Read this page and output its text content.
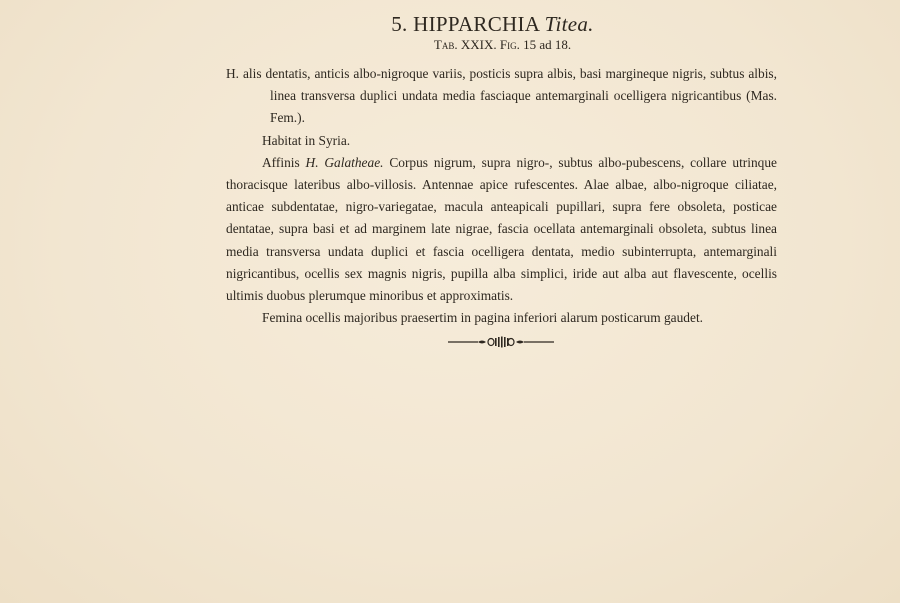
5. HIPPARCHIA Titea.
Tab. XXIX. Fig. 15 ad 18.

H. alis dentatis, anticis albo-nigroque variis, posticis supra albis, basi margineque nigris, subtus albis, linea transversa duplici undata media fasciaque antemarginali ocelligera nigricantibus (Mas. Fem.).

Habitat in Syria.

Affinis H. Galatheae. Corpus nigrum, supra nigro-, subtus albo-pubescens, collare utrinque thoracisque lateribus albo-villosis. Antennae apice rufescentes. Alae albae, albo-nigroque ciliatae, anticae subdentatae, nigro-variegatae, macula anteapicali pupillari, supra fere obsoleta, posticae dentatae, supra basi et ad marginem late nigrae, fascia ocellata antemarginali obsoleta, subtus linea media transversa undata duplici et fascia ocelligera dentata, medio subinterrupta, antemarginali nigricantibus, ocellis sex magnis nigris, pupilla alba simplici, iride aut alba aut flavescente, ocellis ultimis duobus plerumque minoribus et approximatis.

Femina ocellis majoribus praesertim in pagina inferiori alarum posticarum gaudet.
